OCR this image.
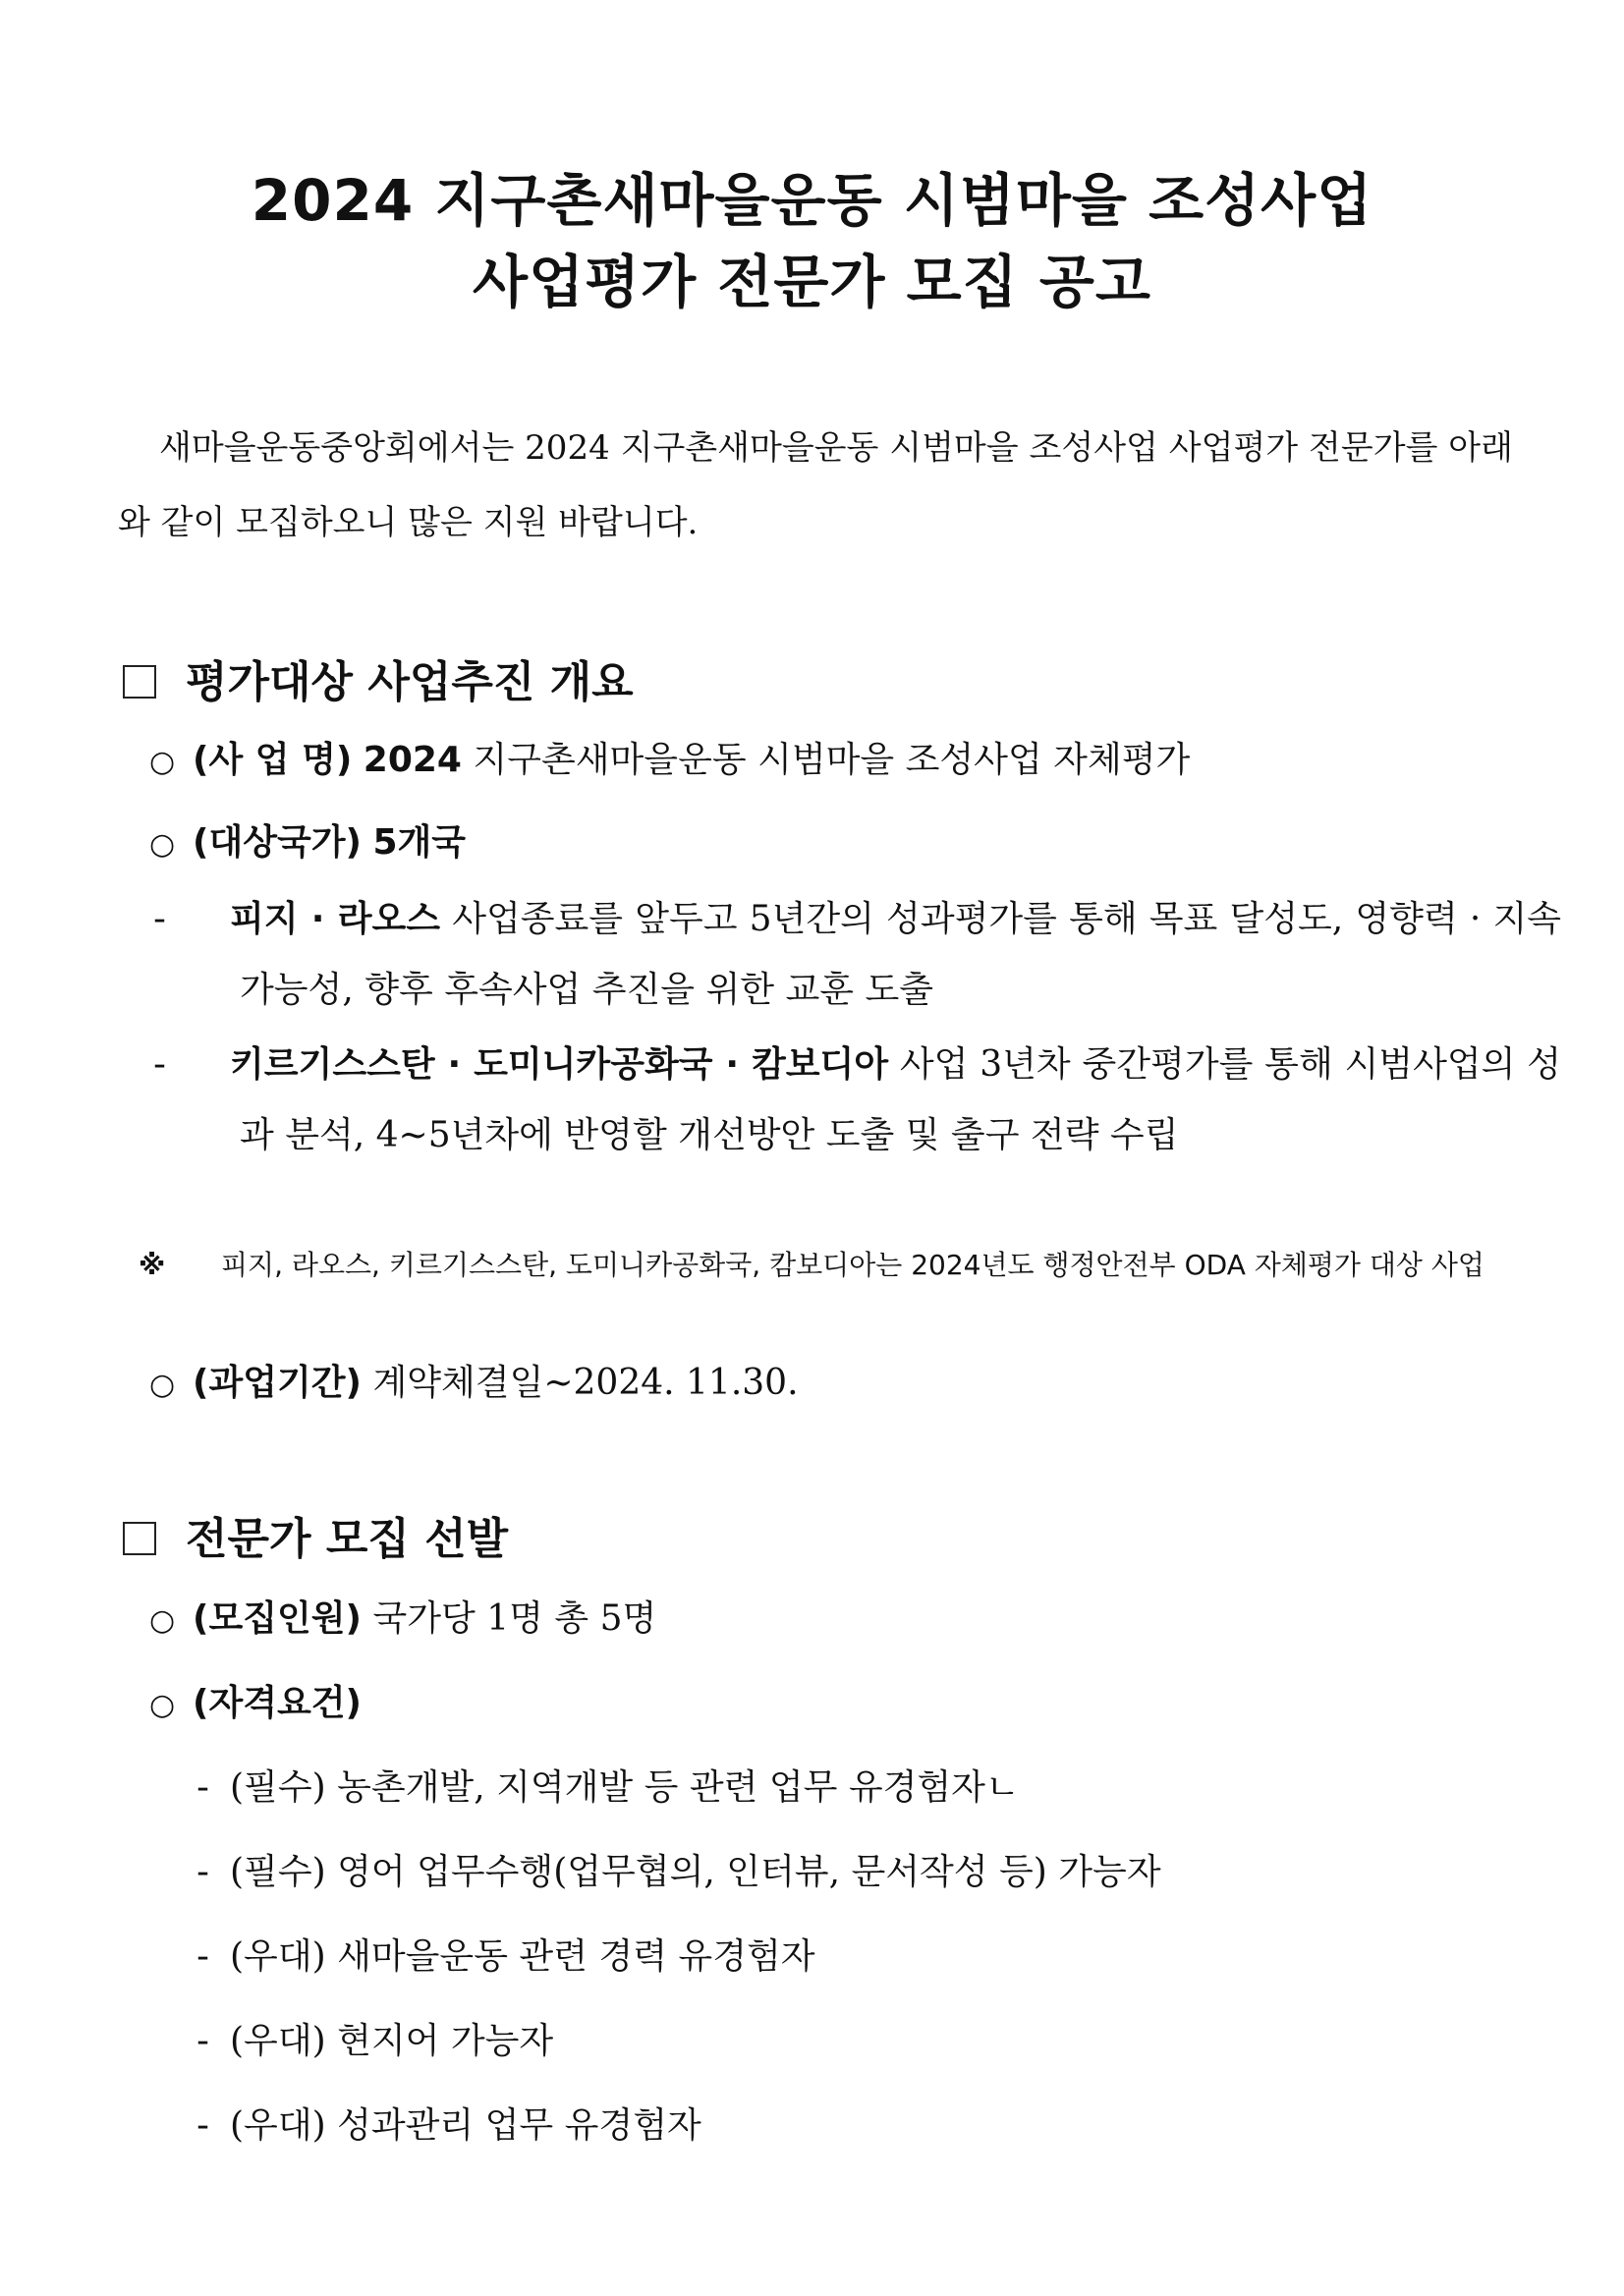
2024 지구촌새마을운동 시범마을 조성사업
사업평가 전문가 모집 공고
새마을운동중앙회에서는 2024 지구촌새마을운동 시범마을 조성사업 사업평가 전문가를 아래와 같이 모집하오니 많은 지원 바랍니다.
평가대상 사업추진 개요
○ (사 업 명) 2024 지구촌새마을운동 시범마을 조성사업 자체평가
○ (대상국가) 5개국
- 피지 · 라오스 사업종료를 앞두고 5년간의 성과평가를 통해 목표 달성도, 영향력 · 지속가능성, 향후 후속사업 추진을 위한 교훈 도출
- 키르기스스탄 · 도미니카공화국 · 캄보디아 사업 3년차 중간평가를 통해 시범사업의 성과 분석, 4~5년차에 반영할 개선방안 도출 및 출구 전략 수립
※ 피지, 라오스, 키르기스스탄, 도미니카공화국, 캄보디아는 2024년도 행정안전부 ODA 자체평가 대상 사업
○ (과업기간) 계약체결일~2024. 11.30.
전문가 모집 선발
○ (모집인원) 국가당 1명 총 5명
○ (자격요건)
- (필수) 농촌개발, 지역개발 등 관련 업무 유경험자ㄴ
- (필수) 영어 업무수행(업무협의, 인터뷰, 문서작성 등) 가능자
- (우대) 새마을운동 관련 경력 유경험자
- (우대) 현지어 가능자
- (우대) 성과관리 업무 유경험자
